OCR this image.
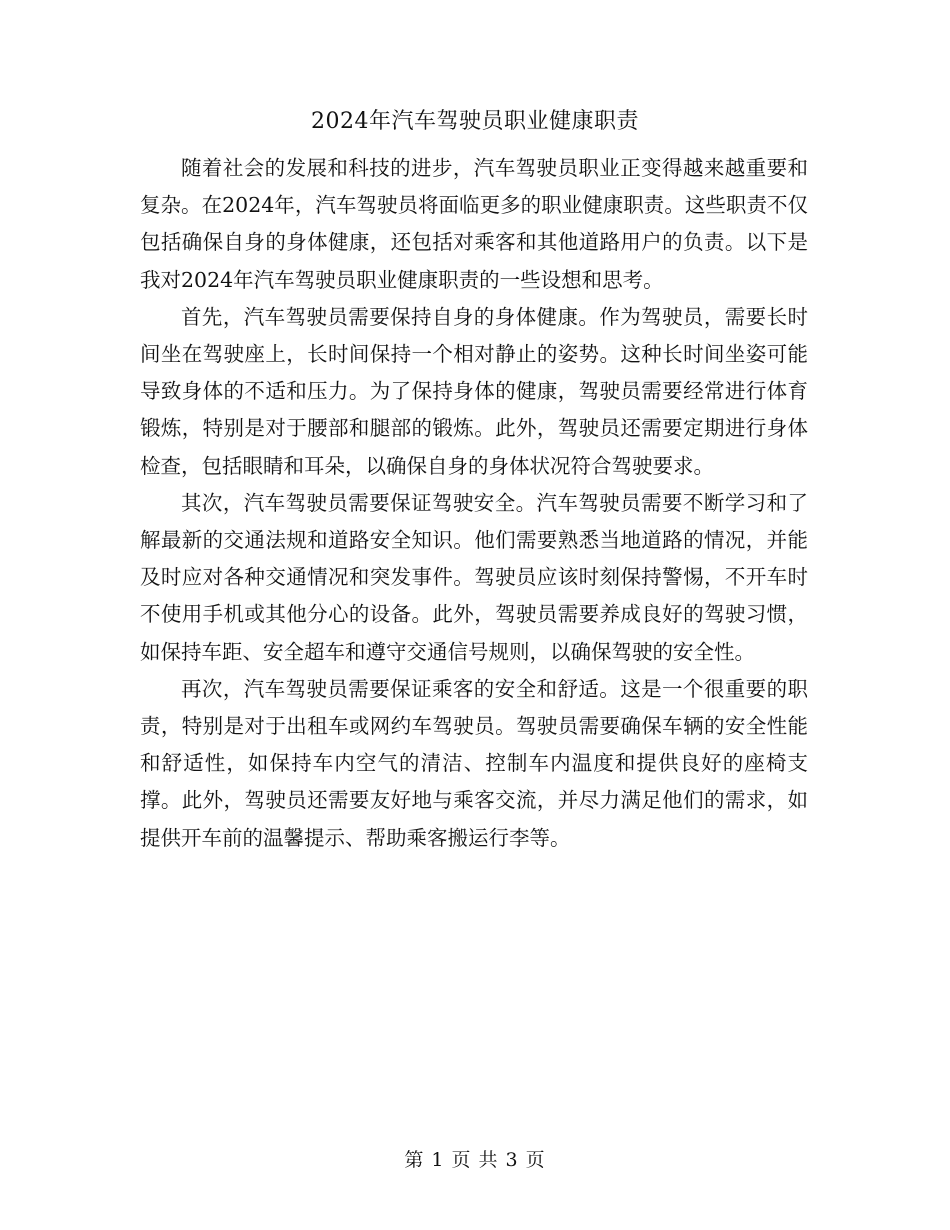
2024年汽车驾驶员职业健康职责

随着社会的发展和科技的进步，汽车驾驶员职业正变得越来越重要和复杂。在2024年，汽车驾驶员将面临更多的职业健康职责。这些职责不仅包括确保自身的身体健康，还包括对乘客和其他道路用户的负责。以下是我对2024年汽车驾驶员职业健康职责的一些设想和思考。

首先，汽车驾驶员需要保持自身的身体健康。作为驾驶员，需要长时间坐在驾驶座上，长时间保持一个相对静止的姿势。这种长时间坐姿可能导致身体的不适和压力。为了保持身体的健康，驾驶员需要经常进行体育锻炼，特别是对于腰部和腿部的锻炼。此外，驾驶员还需要定期进行身体检查，包括眼睛和耳朵，以确保自身的身体状况符合驾驶要求。

其次，汽车驾驶员需要保证驾驶安全。汽车驾驶员需要不断学习和了解最新的交通法规和道路安全知识。他们需要熟悉当地道路的情况，并能及时应对各种交通情况和突发事件。驾驶员应该时刻保持警惕，不开车时不使用手机或其他分心的设备。此外，驾驶员需要养成良好的驾驶习惯，如保持车距、安全超车和遵守交通信号规则，以确保驾驶的安全性。

再次，汽车驾驶员需要保证乘客的安全和舒适。这是一个很重要的职责，特别是对于出租车或网约车驾驶员。驾驶员需要确保车辆的安全性能和舒适性，如保持车内空气的清洁、控制车内温度和提供良好的座椅支撑。此外，驾驶员还需要友好地与乘客交流，并尽力满足他们的需求，如提供开车前的温馨提示、帮助乘客搬运行李等。

第 1 页 共 3 页
